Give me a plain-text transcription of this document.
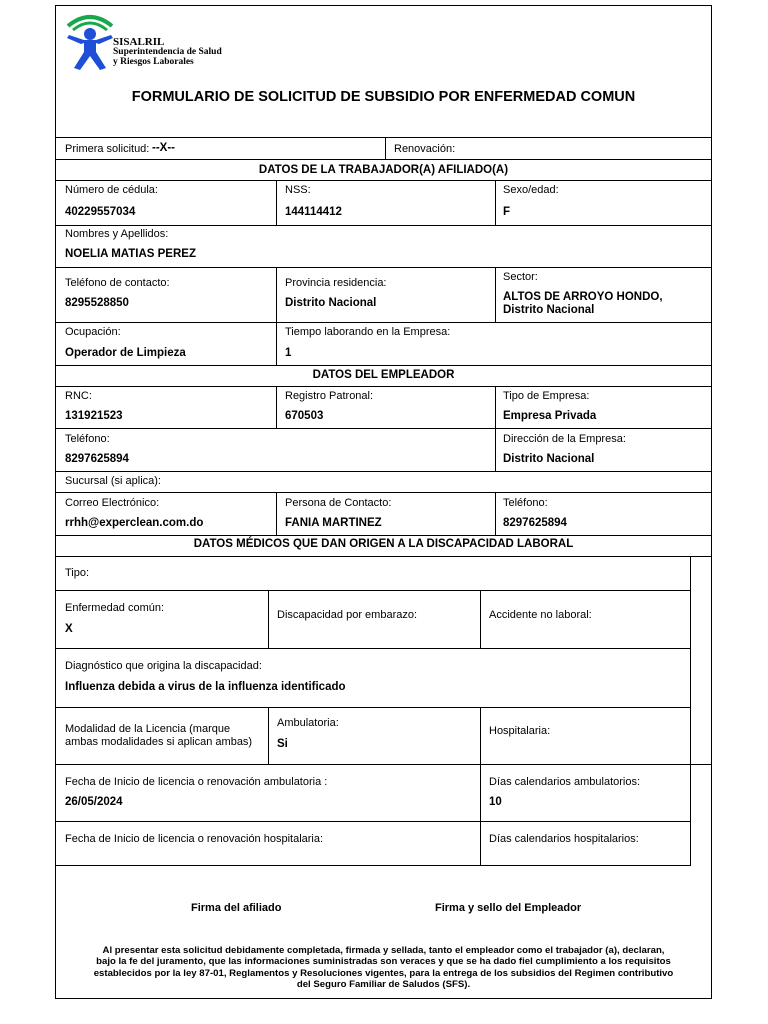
SISALRIL
Superintendencia de Salud
y Riesgos Laborales
FORMULARIO DE SOLICITUD DE SUBSIDIO POR ENFERMEDAD COMUN
Primera solicitud: --X--	Renovación:
DATOS DE LA TRABAJADOR(A) AFILIADO(A)
Número de cédula:
40229557034
NSS:
144114412
Sexo/edad:
F
Nombres y Apellidos:
NOELIA MATIAS PEREZ
Teléfono de contacto:
8295528850
Provincia residencia:
Distrito Nacional
Sector:
ALTOS DE ARROYO HONDO,
Distrito Nacional
Ocupación:
Operador de Limpieza
Tiempo laborando en la Empresa:
1
DATOS DEL EMPLEADOR
RNC:
131921523
Registro Patronal:
670503
Tipo de Empresa:
Empresa Privada
Teléfono:
8297625894
Dirección de la Empresa:
Distrito Nacional
Sucursal (si aplica):
Correo Electrónico:
rrhh@experclean.com.do
Persona de Contacto:
FANIA MARTINEZ
Teléfono:
8297625894
DATOS MÉDICOS QUE DAN ORIGEN A LA DISCAPACIDAD LABORAL
Tipo:
Enfermedad común:
X
Discapacidad por embarazo:	Accidente no laboral:
Diagnóstico que origina la discapacidad:
Influenza debida a virus de la influenza identificado
Modalidad de la Licencia (marque
ambas modalidades si aplican ambas)
Ambulatoria:
Si
Hospitalaria:
Fecha de Inicio de licencia o renovación ambulatoria :
26/05/2024
Días calendarios ambulatorios:
10
Fecha de Inicio de licencia o renovación hospitalaria:	Días calendarios hospitalarios:
Firma del afiliado	Firma y sello del Empleador
Al presentar esta solicitud debidamente completada, firmada y sellada, tanto el empleador como el trabajador (a), declaran,
bajo la fe del juramento, que las informaciones suministradas son veraces y que se ha dado fiel cumplimiento a los requisitos
establecidos por la ley 87-01, Reglamentos y Resoluciones vigentes, para la entrega de los subsidios del Regimen contributivo
del Seguro Familiar de Saludos (SFS).
